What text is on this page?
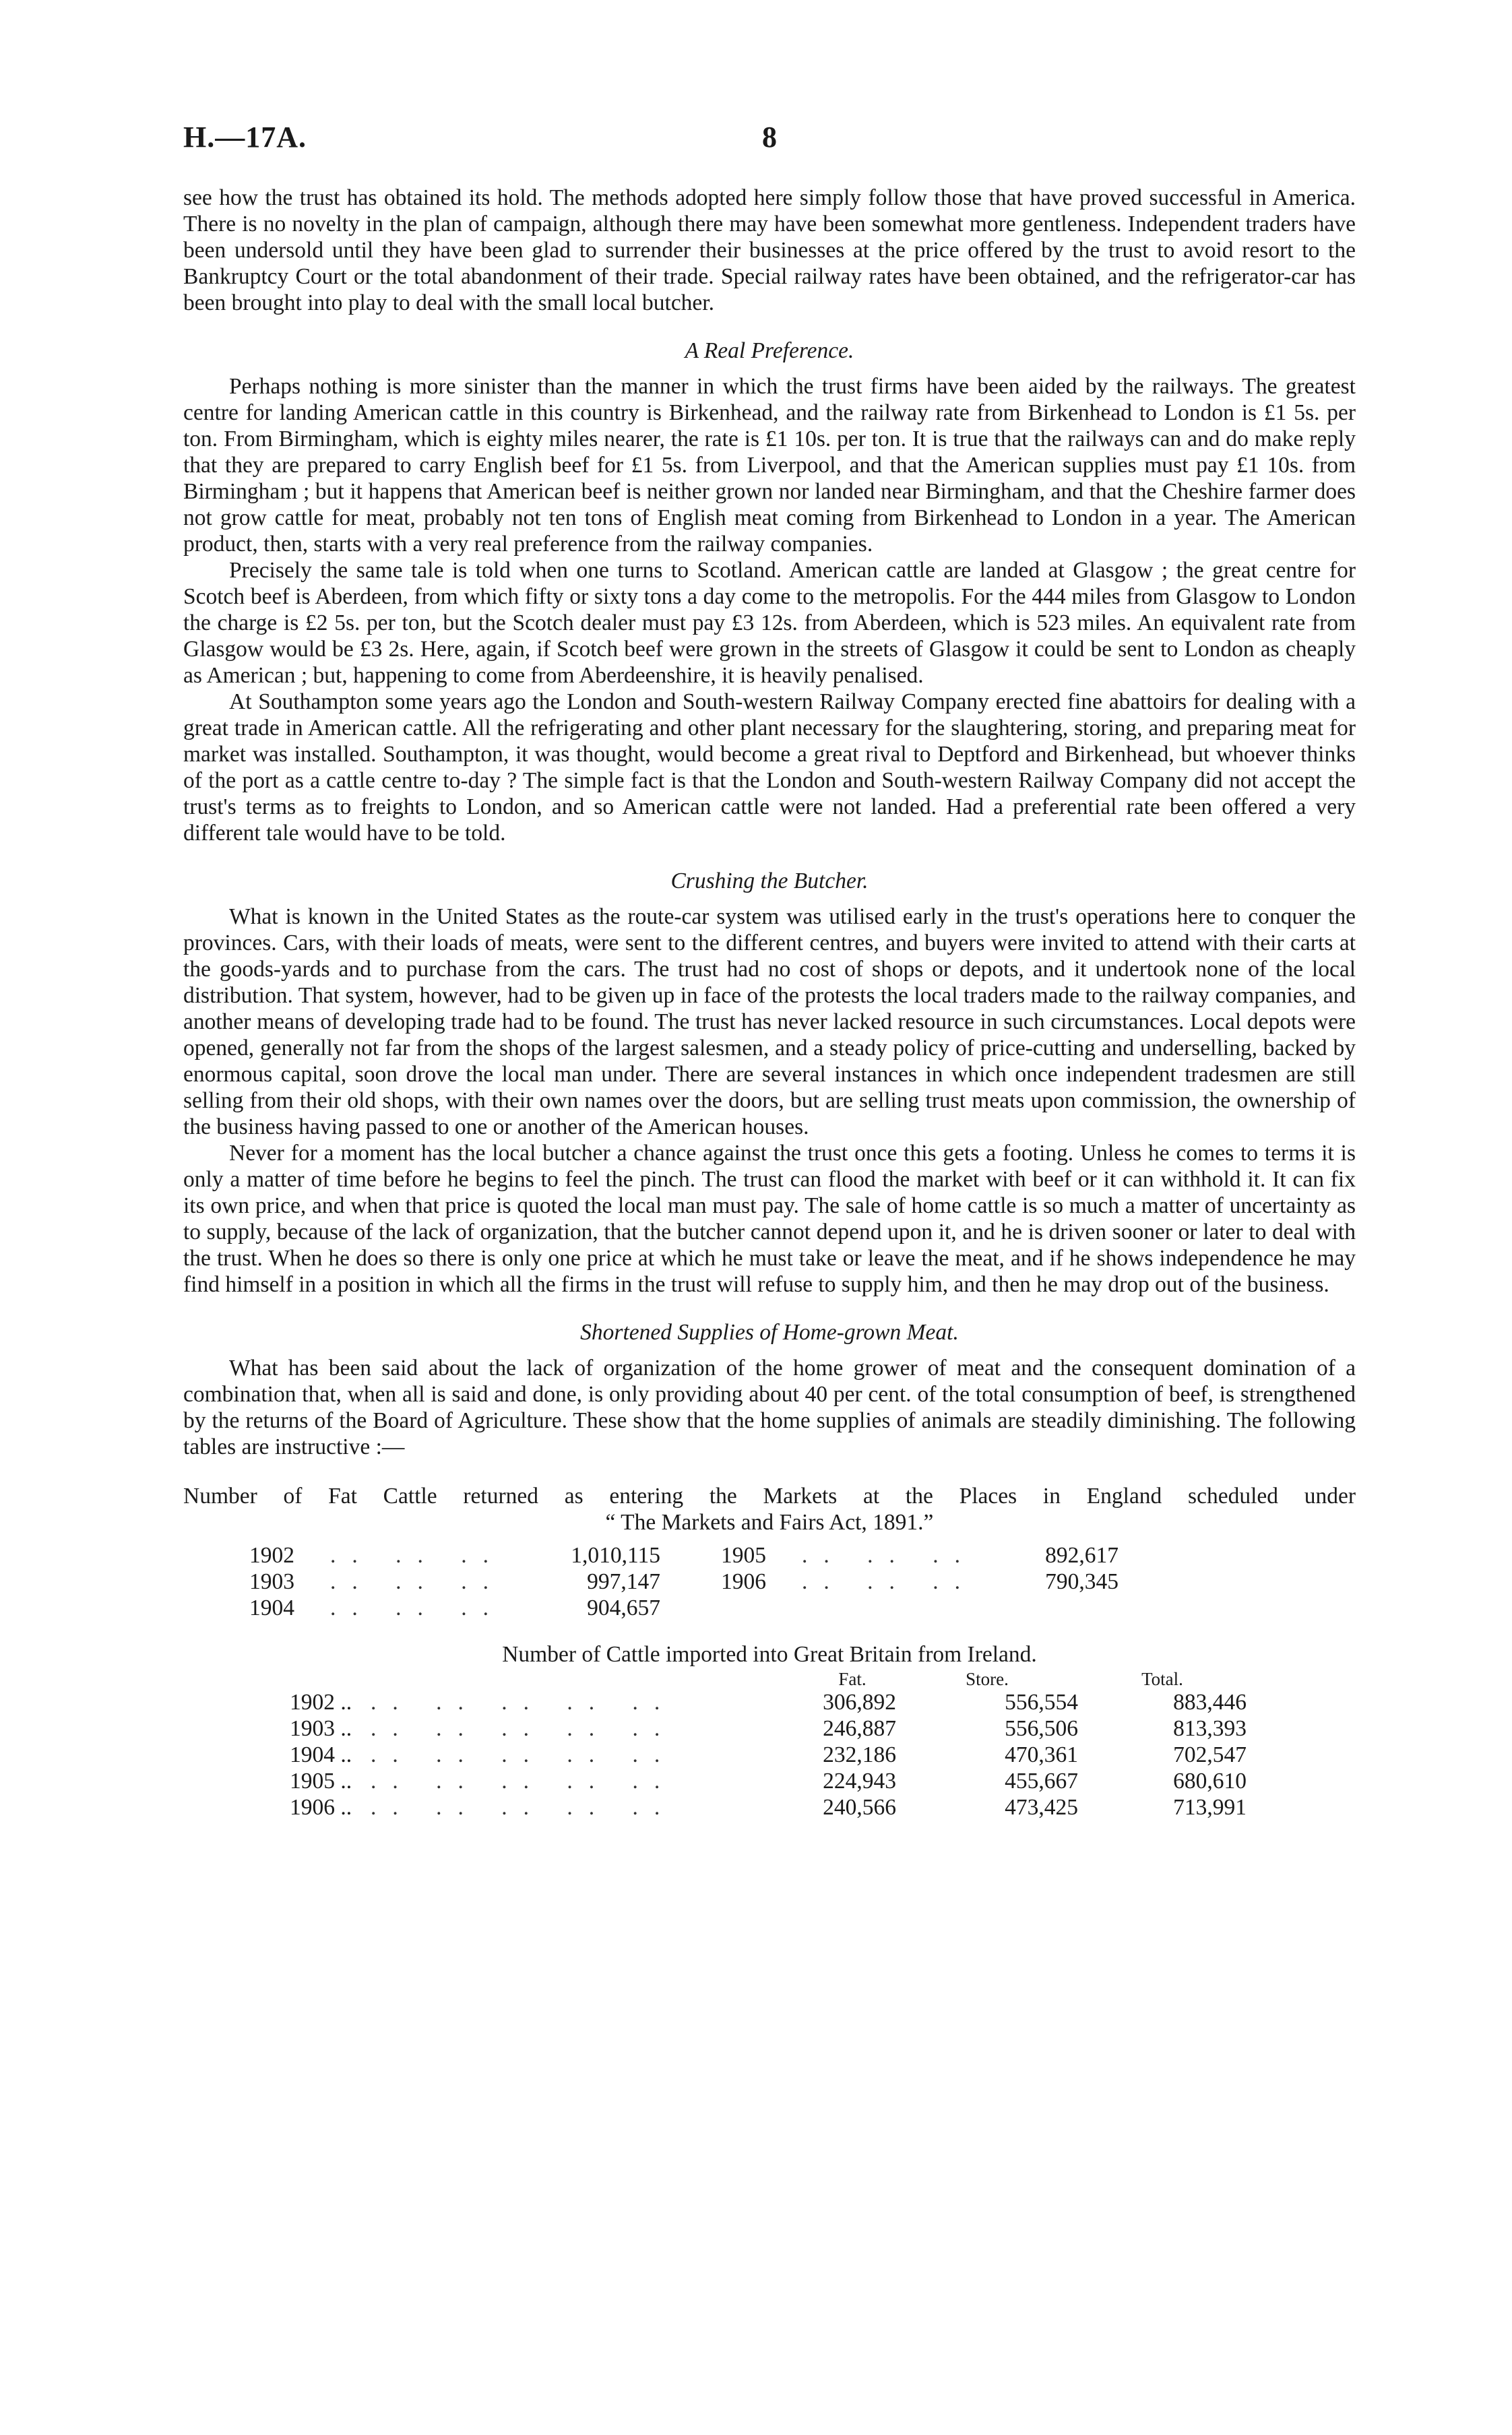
8
H.—17A.

see how the trust has obtained its hold. The methods adopted here simply follow those that have proved successful in America. There is no novelty in the plan of campaign, although there may have been somewhat more gentleness. Independent traders have been undersold until they have been glad to surrender their businesses at the price offered by the trust to avoid resort to the Bankruptcy Court or the total abandonment of their trade. Special railway rates have been obtained, and the refrigerator-car has been brought into play to deal with the small local butcher.

A Real Preference.

Perhaps nothing is more sinister than the manner in which the trust firms have been aided by the railways. The greatest centre for landing American cattle in this country is Birkenhead, and the railway rate from Birkenhead to London is £1 5s. per ton. From Birmingham, which is eighty miles nearer, the rate is £1 10s. per ton. It is true that the railways can and do make reply that they are prepared to carry English beef for £1 5s. from Liverpool, and that the American supplies must pay £1 10s. from Birmingham ; but it happens that American beef is neither grown nor landed near Birmingham, and that the Cheshire farmer does not grow cattle for meat, probably not ten tons of English meat coming from Birkenhead to London in a year. The American product, then, starts with a very real preference from the railway companies.

Precisely the same tale is told when one turns to Scotland. American cattle are landed at Glasgow ; the great centre for Scotch beef is Aberdeen, from which fifty or sixty tons a day come to the metropolis. For the 444 miles from Glasgow to London the charge is £2 5s. per ton, but the Scotch dealer must pay £3 12s. from Aberdeen, which is 523 miles. An equivalent rate from Glasgow would be £3 2s. Here, again, if Scotch beef were grown in the streets of Glasgow it could be sent to London as cheaply as American ; but, happening to come from Aberdeenshire, it is heavily penalised.

At Southampton some years ago the London and South-western Railway Company erected fine abattoirs for dealing with a great trade in American cattle. All the refrigerating and other plant necessary for the slaughtering, storing, and preparing meat for market was installed. Southampton, it was thought, would become a great rival to Deptford and Birkenhead, but whoever thinks of the port as a cattle centre to-day ? The simple fact is that the London and South-western Railway Company did not accept the trust's terms as to freights to London, and so American cattle were not landed. Had a preferential rate been offered a very different tale would have to be told.

Crushing the Butcher.

What is known in the United States as the route-car system was utilised early in the trust's operations here to conquer the provinces. Cars, with their loads of meats, were sent to the different centres, and buyers were invited to attend with their carts at the goods-yards and to purchase from the cars. The trust had no cost of shops or depots, and it undertook none of the local distribution. That system, however, had to be given up in face of the protests the local traders made to the railway companies, and another means of developing trade had to be found. The trust has never lacked resource in such circumstances. Local depots were opened, generally not far from the shops of the largest salesmen, and a steady policy of price-cutting and underselling, backed by enormous capital, soon drove the local man under. There are several instances in which once independent tradesmen are still selling from their old shops, with their own names over the doors, but are selling trust meats upon commission, the ownership of the business having passed to one or another of the American houses.

Never for a moment has the local butcher a chance against the trust once this gets a footing. Unless he comes to terms it is only a matter of time before he begins to feel the pinch. The trust can flood the market with beef or it can withhold it. It can fix its own price, and when that price is quoted the local man must pay. The sale of home cattle is so much a matter of uncertainty as to supply, because of the lack of organization, that the butcher cannot depend upon it, and he is driven sooner or later to deal with the trust. When he does so there is only one price at which he must take or leave the meat, and if he shows independence he may find himself in a position in which all the firms in the trust will refuse to supply him, and then he may drop out of the business.

Shortened Supplies of Home-grown Meat.

What has been said about the lack of organization of the home grower of meat and the consequent domination of a combination that, when all is said and done, is only providing about 40 per cent. of the total consumption of beef, is strengthened by the returns of the Board of Agriculture. These show that the home supplies of animals are steadily diminishing. The following tables are instructive :—

Number of Fat Cattle returned as entering the Markets at the Places in England scheduled under
“ The Markets and Fairs Act, 1891.”
1902	.. .. ..	1,010,115	1905	.. .. ..	892,617
1903	.. .. ..	997,147	1906	.. .. ..	790,345
1904	.. .. ..	904,657			
Number of Cattle imported into Great Britain from Ireland.
		Fat.	Store.	Total.
1902 ..	.. .. .. .. ..	306,892	556,554	883,446
1903 ..	.. .. .. .. ..	246,887	556,506	813,393
1904 ..	.. .. .. .. ..	232,186	470,361	702,547
1905 ..	.. .. .. .. ..	224,943	455,667	680,610
1906 ..	.. .. .. .. ..	240,566	473,425	713,991
